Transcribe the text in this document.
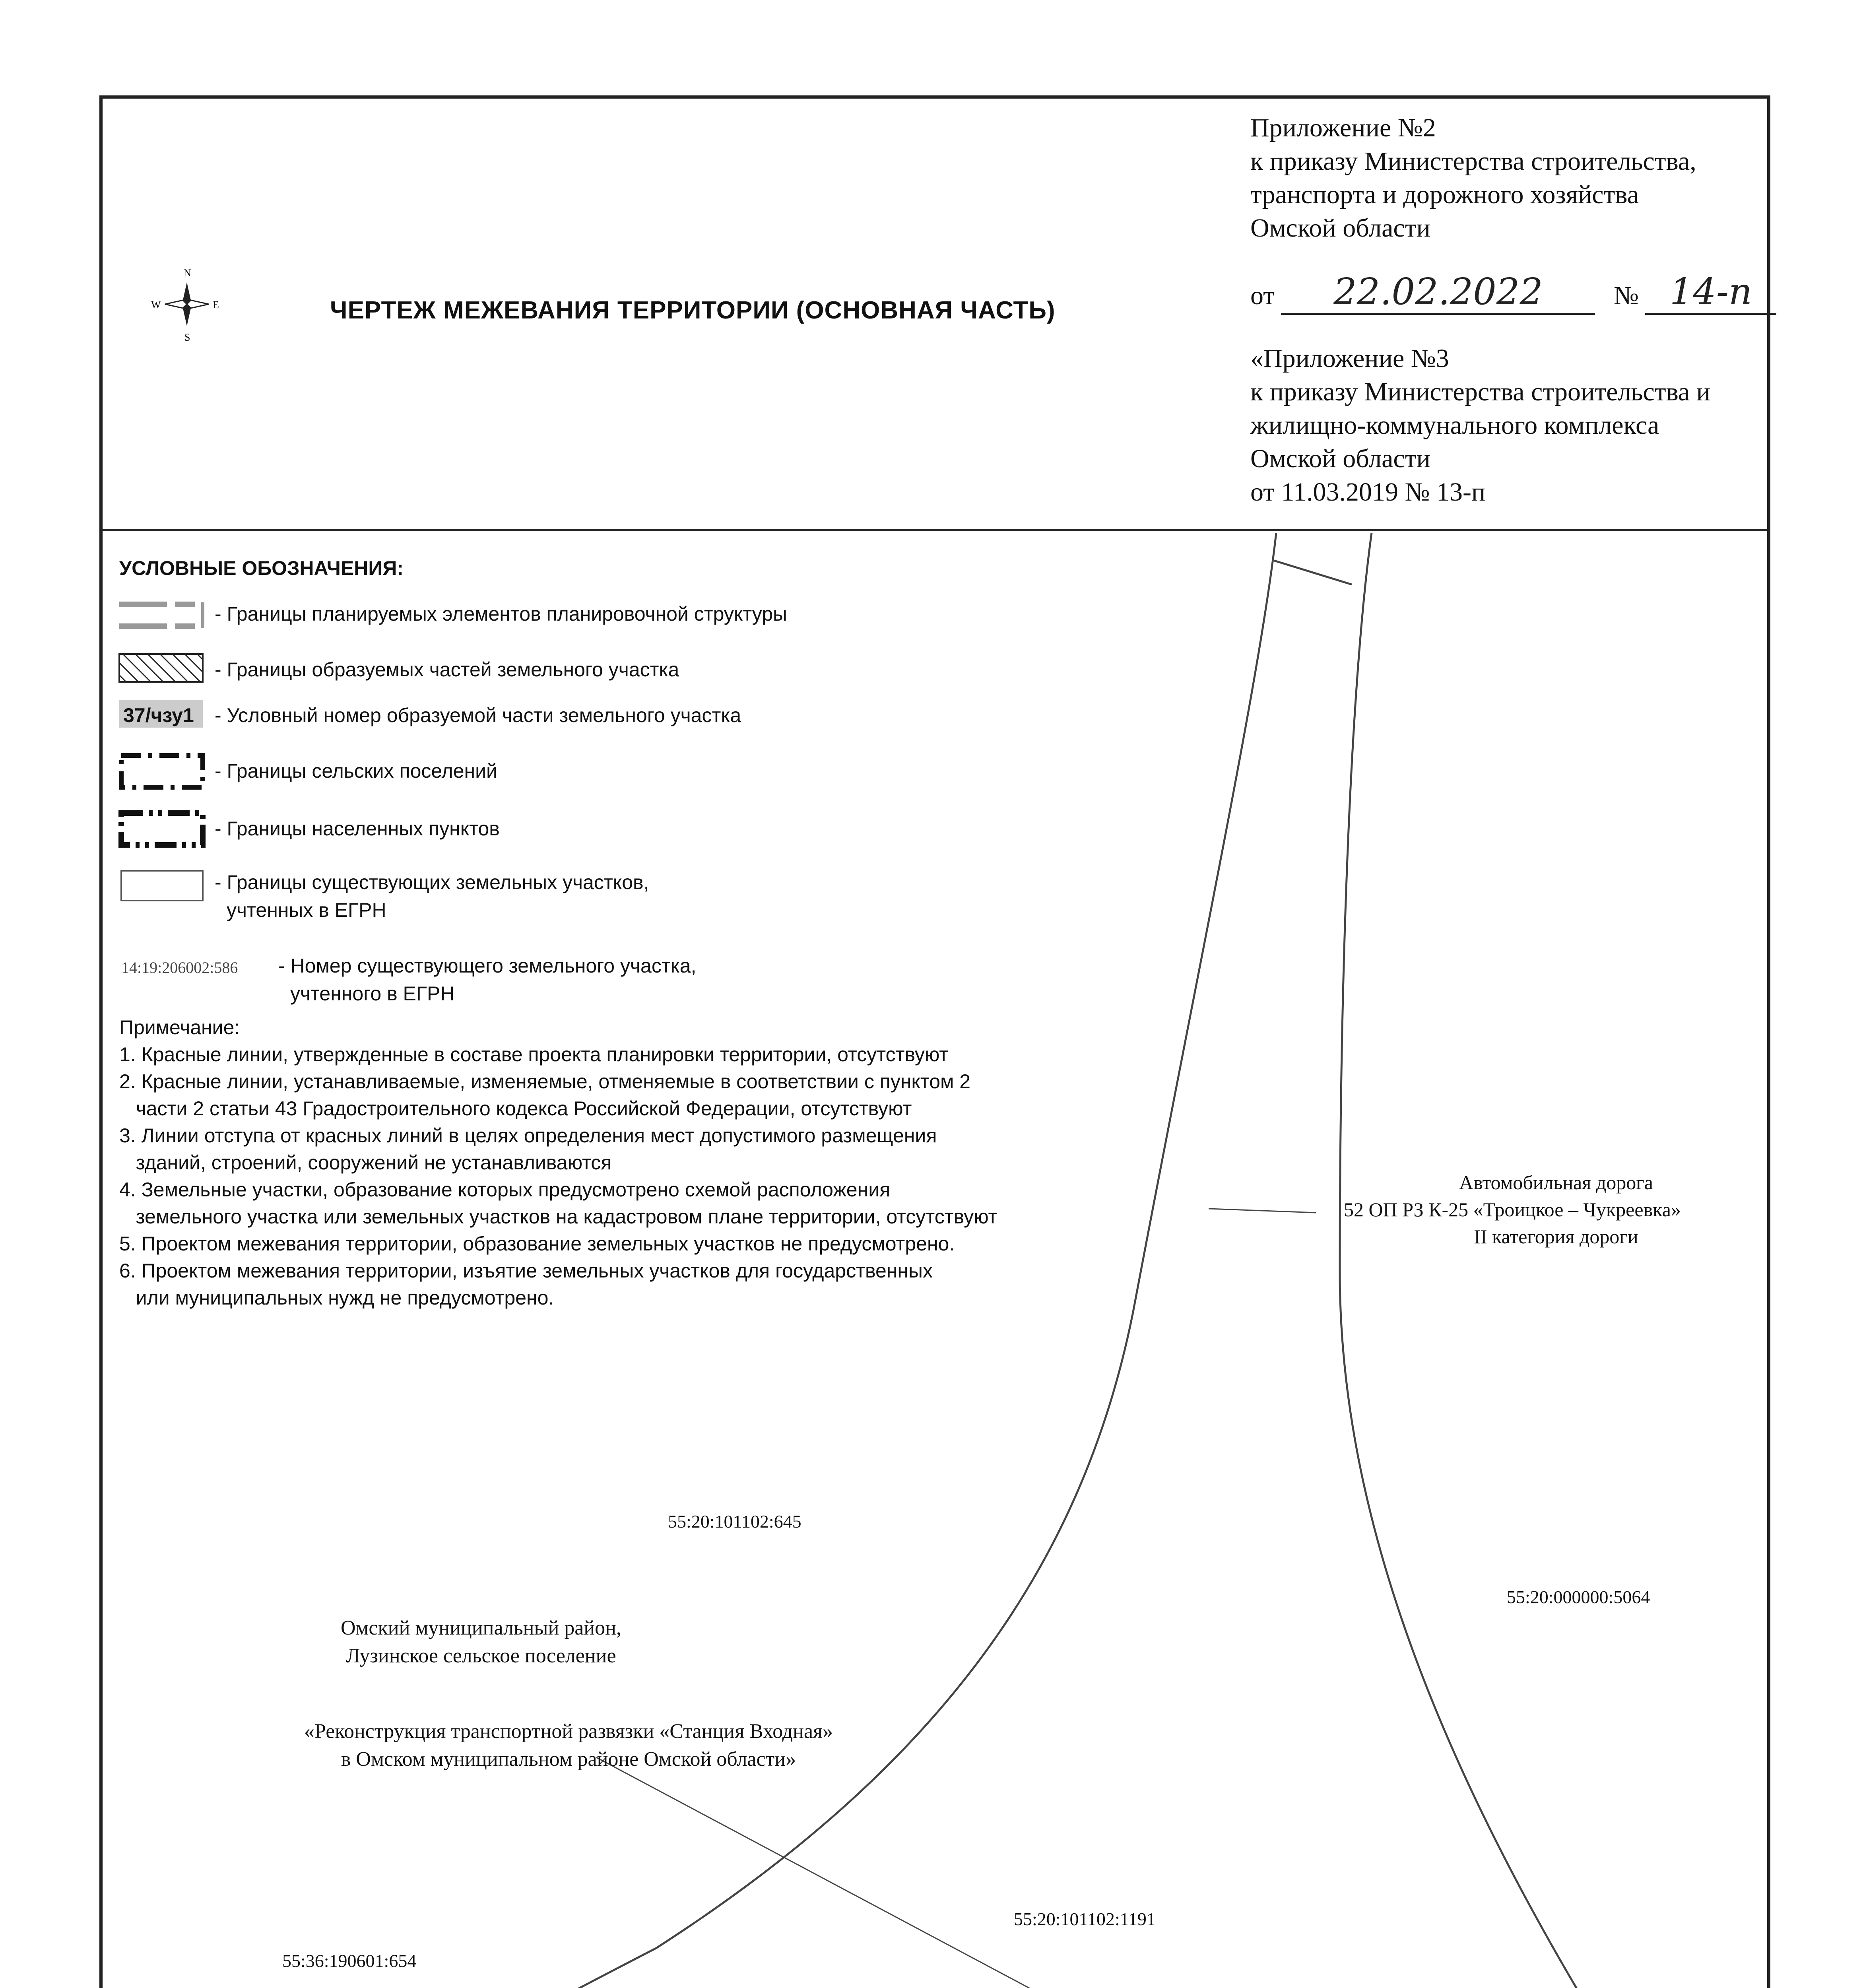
N
S
W	E	ЧЕРТЕЖ МЕЖЕВАНИЯ ТЕРРИТОРИИ (ОСНОВНАЯ ЧАСТЬ)
Приложение №2
к приказу Министерства строительства,
транспорта и дорожного хозяйства
Омской области
от 22.02.2022	№ 14-п
«Приложение №3
к приказу Министерства строительства и
жилищно-коммунального комплекса
Омской области
от 11.03.2019 № 13-п
УСЛОВНЫЕ ОБОЗНАЧЕНИЯ:
- Границы планируемых элементов планировочной структуры
- Границы образуемых частей земельного участка
37/чзу1 - Условный номер образуемой части земельного участка
- Границы сельских поселений
- Границы населенных пунктов
- Границы существующих земельных участков,
учтенных в ЕГРН
14:19:206002:586 - Номер существующего земельного участка,
учтенного в ЕГРН
Примечание:
1. Красные линии, утвержденные в составе проекта планировки территории, отсутствуют
2. Красные линии, устанавливаемые, изменяемые, отменяемые в соответствии с пунктом 2
части 2 статьи 43 Градостроительного кодекса Российской Федерации, отсутствуют
3. Линии отступа от красных линий в целях определения мест допустимого размещения
зданий, строений, сооружений не устанавливаются
4. Земельные участки, образование которых предусмотрено схемой расположения
земельного участка или земельных участков на кадастровом плане территории, отсутствуют
5. Проектом межевания территории, образование земельных участков не предусмотрено.
6. Проектом межевания территории, изъятие земельных участков для государственных
или муниципальных нужд не предусмотрено.
Автомобильная дорога
52 ОП РЗ К-25 «Троицкое – Чукреевка»
II категория дороги
Омский муниципальный район,
Лузинское сельское поселение
«Реконструкция транспортной развязки «Станция Входная»
в Омском муниципальном районе Омской области»
55:20:101102:645
55:20:000000:5064
55:20:101102:1191
55:36:190601:654
